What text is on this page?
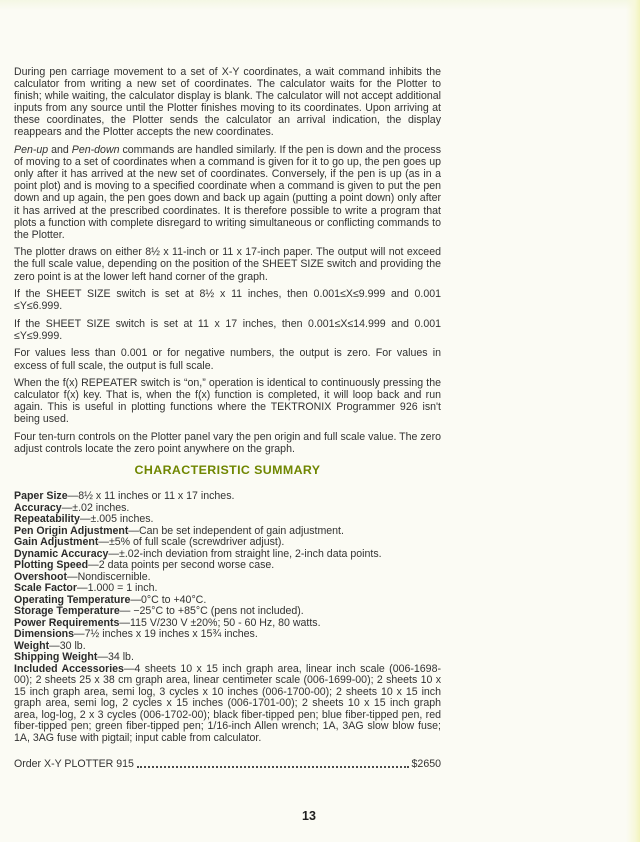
During pen carriage movement to a set of X-Y coordinates, a wait command inhibits the calculator from writing a new set of coordinates. The calculator waits for the Plotter to finish; while waiting, the calculator display is blank. The calculator will not accept additional inputs from any source until the Plotter finishes moving to its coordinates. Upon arriving at these coordinates, the Plotter sends the calculator an arrival indication, the display reappears and the Plotter accepts the new coordinates.

Pen-up and Pen-down commands are handled similarly. If the pen is down and the process of moving to a set of coordinates when a command is given for it to go up, the pen goes up only after it has arrived at the new set of coordinates. Conversely, if the pen is up (as in a point plot) and is moving to a specified coordinate when a command is given to put the pen down and up again, the pen goes down and back up again (putting a point down) only after it has arrived at the prescribed coordinates. It is therefore possible to write a program that plots a function with complete disregard to writing simultaneous or conflicting commands to the Plotter.

The plotter draws on either 8½ x 11-inch or 11 x 17-inch paper. The output will not exceed the full scale value, depending on the position of the SHEET SIZE switch and providing the zero point is at the lower left hand corner of the graph.

If the SHEET SIZE switch is set at 8½ x 11 inches, then 0.001≤X≤9.999 and 0.001 ≤Y≤6.999.

If the SHEET SIZE switch is set at 11 x 17 inches, then 0.001≤X≤14.999 and 0.001 ≤Y≤9.999.

For values less than 0.001 or for negative numbers, the output is zero. For values in excess of full scale, the output is full scale.

When the f(x) REPEATER switch is “on,” operation is identical to continuously pressing the calculator f(x) key. That is, when the f(x) function is completed, it will loop back and run again. This is useful in plotting functions where the TEKTRONIX Programmer 926 isn't being used.

Four ten-turn controls on the Plotter panel vary the pen origin and full scale value. The zero adjust controls locate the zero point anywhere on the graph.

CHARACTERISTIC SUMMARY
Paper Size—8½ x 11 inches or 11 x 17 inches.
Accuracy—±.02 inches.
Repeatability—±.005 inches.
Pen Origin Adjustment—Can be set independent of gain adjustment.
Gain Adjustment—±5% of full scale (screwdriver adjust).
Dynamic Accuracy—±.02-inch deviation from straight line, 2-inch data points.
Plotting Speed—2 data points per second worse case.
Overshoot—Nondiscernible.
Scale Factor—1.000 = 1 inch.
Operating Temperature—0°C to +40°C.
Storage Temperature— −25°C to +85°C (pens not included).
Power Requirements—115 V/230 V ±20%; 50 - 60 Hz, 80 watts.
Dimensions—7½ inches x 19 inches x 15¾ inches.
Weight—30 lb.
Shipping Weight—34 lb.
Included Accessories—4 sheets 10 x 15 inch graph area, linear inch scale (006-1698-00); 2 sheets 25 x 38 cm graph area, linear centimeter scale (006-1699-00); 2 sheets 10 x 15 inch graph area, semi log, 3 cycles x 10 inches (006-1700-00); 2 sheets 10 x 15 inch graph area, semi log, 2 cycles x 15 inches (006-1701-00); 2 sheets 10 x 15 inch graph area, log-log, 2 x 3 cycles (006-1702-00); black fiber-tipped pen; blue fiber-tipped pen, red fiber-tipped pen; green fiber-tipped pen; 1/16-inch Allen wrench; 1A, 3AG slow blow fuse; 1A, 3AG fuse with pigtail; input cable from calculator.
Order X-Y PLOTTER 915	$2650
13
